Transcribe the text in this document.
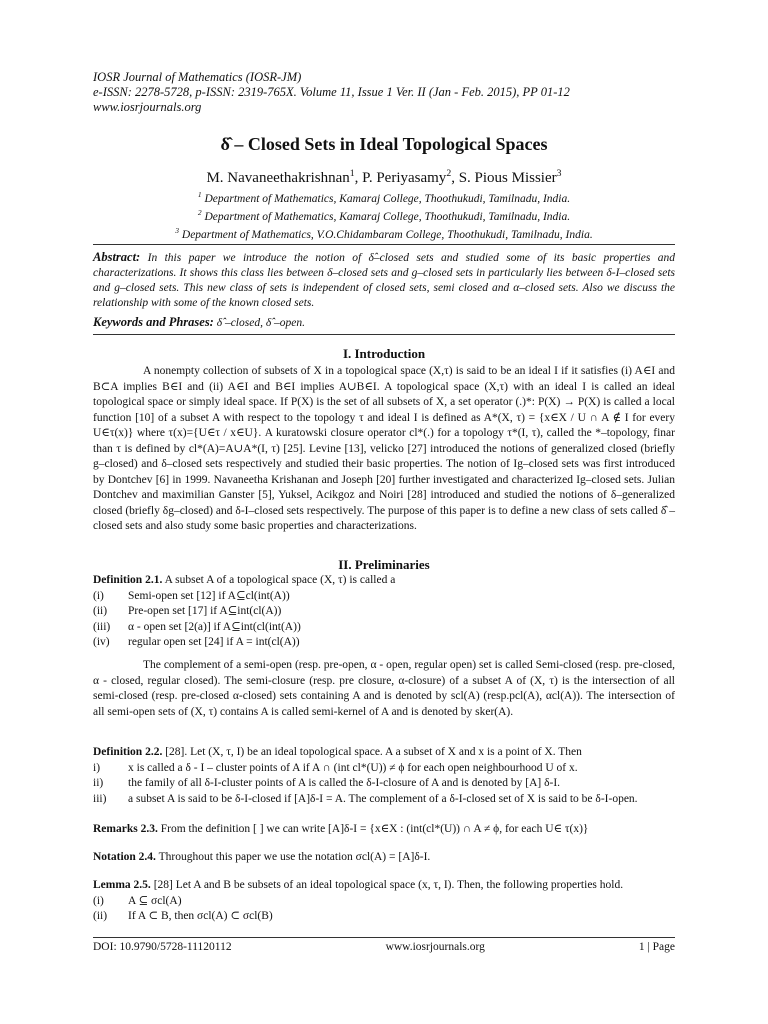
IOSR Journal of Mathematics (IOSR-JM)
e-ISSN: 2278-5728, p-ISSN: 2319-765X. Volume 11, Issue 1 Ver. II (Jan - Feb. 2015), PP 01-12
www.iosrjournals.org
δ̂ – Closed Sets in Ideal Topological Spaces
M. Navaneethakrishnan$^1$, P. Periyasamy$^2$, S. Pious Missier$^3$
$^1$ Department of Mathematics, Kamaraj College, Thoothukudi, Tamilnadu, India.
$^2$ Department of Mathematics, Kamaraj College, Thoothukudi, Tamilnadu, India.
$^3$ Department of Mathematics, V.O.Chidambaram College, Thoothukudi, Tamilnadu, India.
Abstract: In this paper we introduce the notion of δ̂–closed sets and studied some of its basic properties and characterizations. It shows this class lies between δ–closed sets and g–closed sets in particularly lies between δ-I–closed sets and g–closed sets. This new class of sets is independent of closed sets, semi closed and α–closed sets. Also we discuss the relationship with some of the known closed sets.
Keywords and Phrases: δ̂ –closed, δ̂ –open.
I. Introduction
A nonempty collection of subsets of X in a topological space (X,τ) is said to be an ideal I if it satisfies (i) A∈I and B⊂A implies B∈I and (ii) A∈I and B∈I implies A∪B∈I. A topological space (X,τ) with an ideal I is called an ideal topological space or simply ideal space. If P(X) is the set of all subsets of X, a set operator (.)*: P(X) → P(X) is called a local function [10] of a subset A with respect to the topology τ and ideal I is defined as A*(X, τ) = {x∈X / U ∩ A ∉ I for every U∈τ(x)} where τ(x)={U∈τ / x∈U}. A kuratowski closure operator cl*(.) for a topology τ*(I, τ), called the *–topology, finar than τ is defined by cl*(A)=A∪A*(I, τ) [25]. Levine [13], velicko [27] introduced the notions of generalized closed (briefly g–closed) and δ–closed sets respectively and studied their basic properties. The notion of Ig–closed sets was first introduced by Dontchev [6] in 1999. Navaneetha Krishanan and Joseph [20] further investigated and characterized Ig–closed sets. Julian Dontchev and maximilian Ganster [5], Yuksel, Acikgoz and Noiri [28] introduced and studied the notions of δ–generalized closed (briefly δg–closed) and δ-I–closed sets respectively. The purpose of this paper is to define a new class of sets called δ̂ –closed sets and also study some basic properties and characterizations.
II. Preliminaries
Definition 2.1. A subset A of a topological space (X, τ) is called a
(i)	Semi-open set [12] if A⊆cl(int(A))
(ii)	Pre-open set [17] if A⊆int(cl(A))
(iii)	α - open set [2(a)] if A⊆int(cl(int(A))
(iv)	regular open set [24] if A = int(cl(A))
The complement of a semi-open (resp. pre-open, α - open, regular open) set is called Semi-closed (resp. pre-closed, α - closed, regular closed). The semi-closure (resp. pre closure, α-closure) of a subset A of (X, τ) is the intersection of all semi-closed (resp. pre-closed α-closed) sets containing A and is denoted by scl(A) (resp.pcl(A), αcl(A)). The intersection of all semi-open sets of (X, τ) contains A is called semi-kernel of A and is denoted by sker(A).
Definition 2.2. [28]. Let (X, τ, I) be an ideal topological space. A a subset of X and x is a point of X. Then
i)	x is called a δ - I – cluster points of A if A ∩ (int cl*(U)) ≠ ϕ for each open neighbourhood U of x.
ii)	the family of all δ-I-cluster points of A is called the δ-I-closure of A and is denoted by [A] δ-I.
iii)	a subset A is said to be δ-I-closed if [A]δ-I = A. The complement of a δ-I-closed set of X is said to be δ-I-open.
Remarks 2.3. From the definition [ ] we can write [A]δ-I = {x∈X : (int(cl*(U)) ∩ A ≠ ϕ, for each U∈ τ(x)}
Notation 2.4. Throughout this paper we use the notation σcl(A) = [A]δ-I.
Lemma 2.5. [28] Let A and B be subsets of an ideal topological space (x, τ, I). Then, the following properties hold.
(i)	A ⊆ σcl(A)
(ii)	If A ⊂ B, then σcl(A) ⊂ σcl(B)
DOI: 10.9790/5728-11120112	www.iosrjournals.org	1 | Page
